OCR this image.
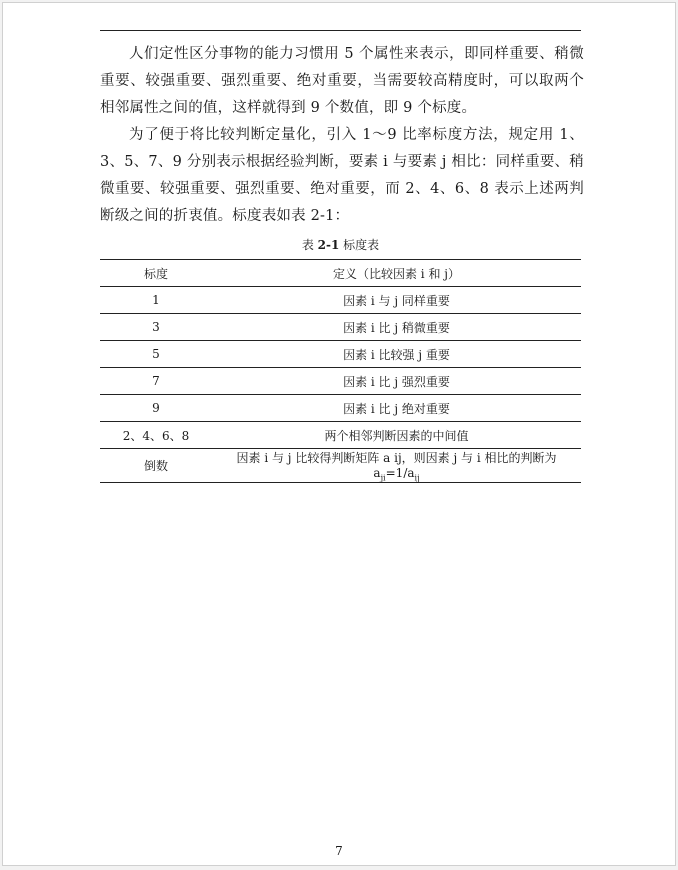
人们定性区分事物的能力习惯用 5 个属性来表示，即同样重要、稍微重要、较强重要、强烈重要、绝对重要，当需要较高精度时，可以取两个相邻属性之间的值，这样就得到 9 个数值，即 9 个标度。

为了便于将比较判断定量化，引入 1～9 比率标度方法，规定用 1、3、5、7、9 分别表示根据经验判断，要素 i 与要素 j 相比：同样重要、稍微重要、较强重要、强烈重要、绝对重要，而 2、4、6、8 表示上述两判断级之间的折衷值。标度表如表 2-1：

表 2-1 标度表
标度	定义（比较因素 i 和 j）
1	因素 i 与 j 同样重要
3	因素 i 比 j 稍微重要
5	因素 i 比较强 j 重要
7	因素 i 比 j 强烈重要
9	因素 i 比 j 绝对重要
2、4、6、8	两个相邻判断因素的中间值
倒数	因素 i 与 j 比较得判断矩阵 a ij，则因素 j 与 i 相比的判断为 $a_{ji}=1/a_{ij}$
7
